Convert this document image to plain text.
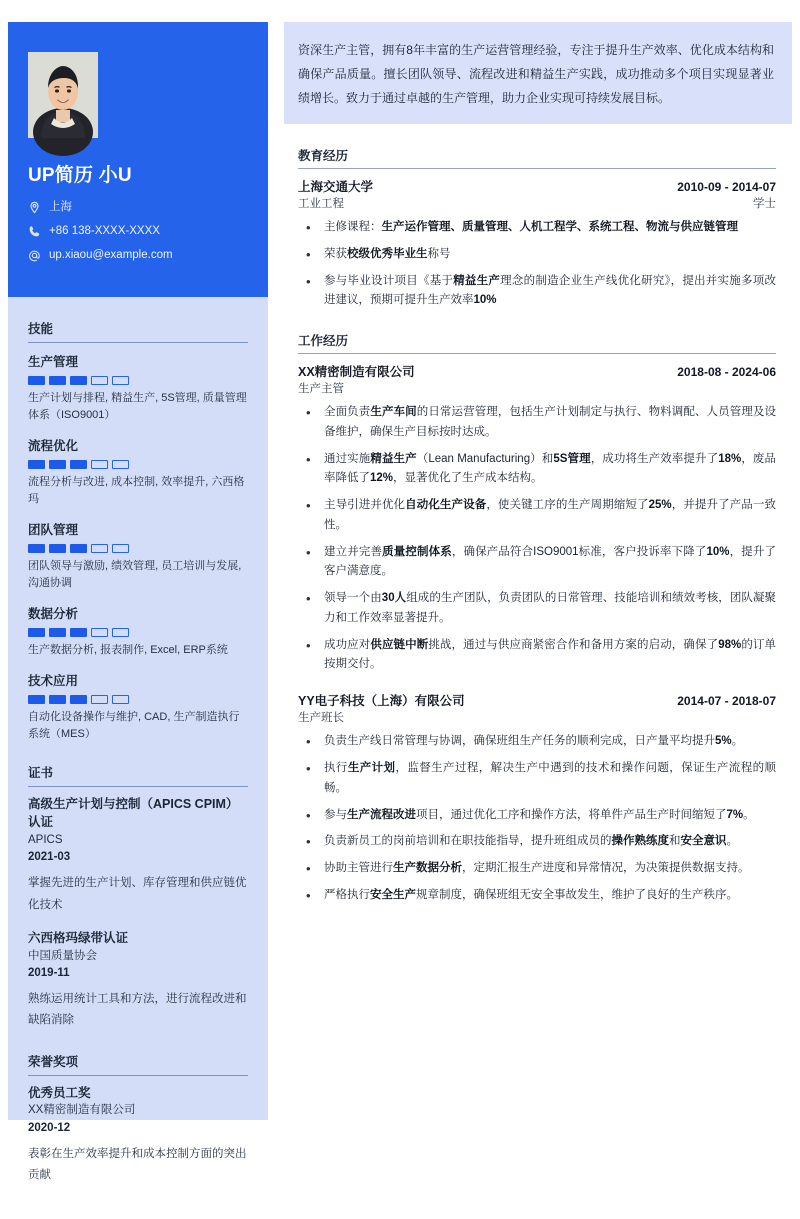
UP简历 小U
上海
+86 138-XXXX-XXXX
up.xiaou@example.com
技能
生产管理
生产计划与排程, 精益生产, 5S管理, 质量管理体系（ISO9001）
流程优化
流程分析与改进, 成本控制, 效率提升, 六西格玛
团队管理
团队领导与激励, 绩效管理, 员工培训与发展, 沟通协调
数据分析
生产数据分析, 报表制作, Excel, ERP系统
技术应用
自动化设备操作与维护, CAD, 生产制造执行系统（MES）
证书
高级生产计划与控制（APICS CPIM）认证
APICS
2021-03
掌握先进的生产计划、库存管理和供应链优化技术
六西格玛绿带认证
中国质量协会
2019-11
熟练运用统计工具和方法，进行流程改进和缺陷消除
荣誉奖项
优秀员工奖
XX精密制造有限公司
2020-12
表彰在生产效率提升和成本控制方面的突出贡献
资深生产主管，拥有8年丰富的生产运营管理经验，专注于提升生产效率、优化成本结构和确保产品质量。擅长团队领导、流程改进和精益生产实践，成功推动多个项目实现显著业绩增长。致力于通过卓越的生产管理，助力企业实现可持续发展目标。
教育经历
上海交通大学	2010-09 - 2014-07
工业工程	学士
• 主修课程：生产运作管理、质量管理、人机工程学、系统工程、物流与供应链管理
• 荣获校级优秀毕业生称号
• 参与毕业设计项目《基于精益生产理念的制造企业生产线优化研究》，提出并实施多项改进建议，预期可提升生产效率10%
工作经历
XX精密制造有限公司	2018-08 - 2024-06
生产主管
• 全面负责生产车间的日常运营管理，包括生产计划制定与执行、物料调配、人员管理及设备维护，确保生产目标按时达成。
• 通过实施精益生产（Lean Manufacturing）和5S管理，成功将生产效率提升了18%，废品率降低了12%，显著优化了生产成本结构。
• 主导引进并优化自动化生产设备，使关键工序的生产周期缩短了25%，并提升了产品一致性。
• 建立并完善质量控制体系，确保产品符合ISO9001标准，客户投诉率下降了10%，提升了客户满意度。
• 领导一个由30人组成的生产团队，负责团队的日常管理、技能培训和绩效考核，团队凝聚力和工作效率显著提升。
• 成功应对供应链中断挑战，通过与供应商紧密合作和备用方案的启动，确保了98%的订单按期交付。
YY电子科技（上海）有限公司	2014-07 - 2018-07
生产班长
• 负责生产线日常管理与协调，确保班组生产任务的顺利完成，日产量平均提升5%。
• 执行生产计划，监督生产过程，解决生产中遇到的技术和操作问题，保证生产流程的顺畅。
• 参与生产流程改进项目，通过优化工序和操作方法，将单件产品生产时间缩短了7%。
• 负责新员工的岗前培训和在职技能指导，提升班组成员的操作熟练度和安全意识。
• 协助主管进行生产数据分析，定期汇报生产进度和异常情况，为决策提供数据支持。
• 严格执行安全生产规章制度，确保班组无安全事故发生，维护了良好的生产秩序。
